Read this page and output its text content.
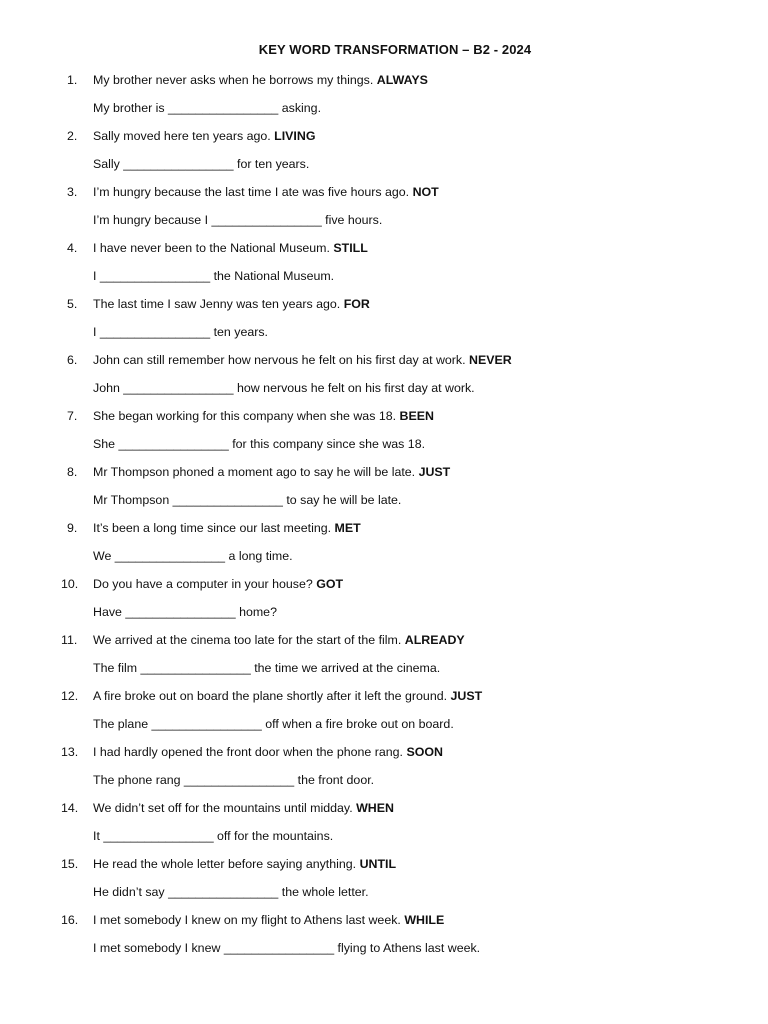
KEY WORD TRANSFORMATION – B2 - 2024
1.	My brother never asks when he borrows my things. ALWAYS
My brother is ________________ asking.
2.	Sally moved here ten years ago. LIVING
Sally ________________ for ten years.
3.	I’m hungry because the last time I ate was five hours ago. NOT
I’m hungry because I ________________ five hours.
4.	I have never been to the National Museum. STILL
I ________________ the National Museum.
5.	The last time I saw Jenny was ten years ago. FOR
I ________________ ten years.
6.	John can still remember how nervous he felt on his first day at work. NEVER
John ________________ how nervous he felt on his first day at work.
7.	She began working for this company when she was 18. BEEN
She ________________ for this company since she was 18.
8.	Mr Thompson phoned a moment ago to say he will be late. JUST
Mr Thompson ________________ to say he will be late.
9.	It’s been a long time since our last meeting. MET
We ________________ a long time.
10.	Do you have a computer in your house? GOT
Have ________________ home?
11.	We arrived at the cinema too late for the start of the film. ALREADY
The film ________________ the time we arrived at the cinema.
12.	A fire broke out on board the plane shortly after it left the ground. JUST
The plane ________________ off when a fire broke out on board.
13.	I had hardly opened the front door when the phone rang. SOON
The phone rang ________________ the front door.
14.	We didn’t set off for the mountains until midday. WHEN
It ________________ off for the mountains.
15.	He read the whole letter before saying anything. UNTIL
He didn’t say ________________ the whole letter.
16.	I met somebody I knew on my flight to Athens last week. WHILE
I met somebody I knew ________________ flying to Athens last week.
